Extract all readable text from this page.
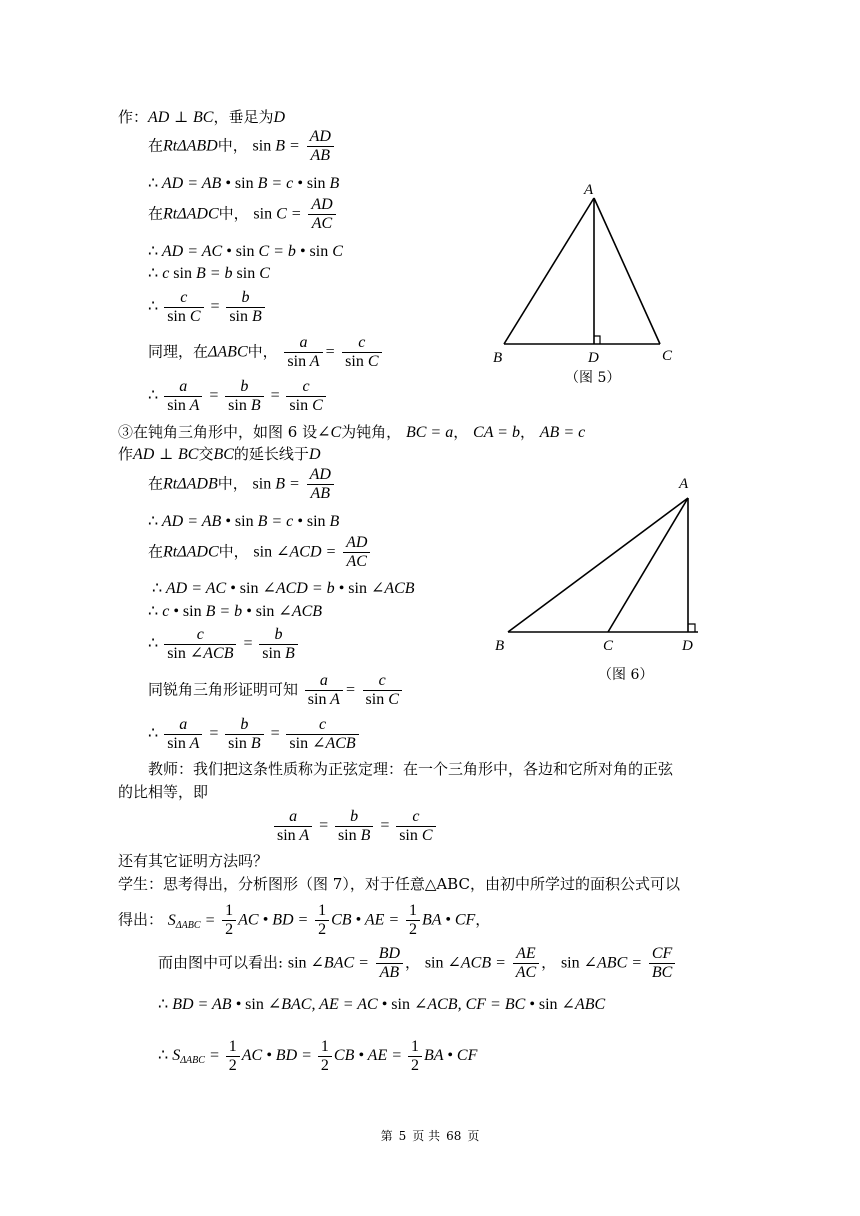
作：AD ⊥ BC，垂足为D
在RtΔABD中， $\sin B = \frac{AD}{AB}$
∴ AD = AB • sin B = c • sin B
在RtΔADC中， $\sin C = \frac{AD}{AC}$
∴ AD = AC • sin C = b • sin C
∴ c sin B = b sin C
∴ $\frac{c}{\text{sin C}} = \frac{b}{\text{sin B}}$
同理，在ΔABC中， $\frac{a}{\text{sin A}} = \frac{c}{\text{sin C}}$
∴ $\frac{a}{\text{sin A}} = \frac{b}{\text{sin B}} = \frac{c}{\text{sin C}}$
A
B	D	C
（图 5）
③在钝角三角形中，如图 6 设∠C为钝角， BC = a， CA = b， AB = c
作AD ⊥ BC交BC的延长线于D
在RtΔADB中， $\sin B = \frac{AD}{AB}$
∴ AD = AB • sin B = c • sin B
在RtΔADC中， sin ∠ACD = $\frac{AD}{AC}$
∴ AD = AC • sin ∠ACD = b • sin ∠ACB
∴ c • sin B = b • sin ∠ACB
∴ $\frac{c}{\text{sin ∠ACB}} = \frac{b}{\text{sin B}}$
同锐角三角形证明可知 $\frac{a}{\text{sin A}} = \frac{c}{\text{sin C}}$
∴ $\frac{a}{\text{sin A}} = \frac{b}{\text{sin B}} = \frac{c}{\text{sin ∠ACB}}$
A
B	C	D
（图 6）
教师：我们把这条性质称为正弦定理：在一个三角形中，各边和它所对角的正弦
的比相等，即
$\frac{a}{\text{sin A}} = \frac{b}{\text{sin B}} = \frac{c}{\text{sin C}}$
还有其它证明方法吗？
学生：思考得出，分析图形（图 7），对于任意△ABC，由初中所学过的面积公式可以
得出： $S_{\Delta ABC} = \frac{1}{2}$ AC • BD = $\frac{1}{2}$ CB • AE = $\frac{1}{2}$ BA • CF，
而由图中可以看出: sin ∠BAC = $\frac{BD}{AB}$ ， sin ∠ACB = $\frac{AE}{AC}$ ， sin ∠ABC = $\frac{CF}{BC}$
∴ BD = AB • sin ∠BAC, AE = AC • sin ∠ACB, CF = BC • sin ∠ABC
∴ $S_{\Delta ABC} = \frac{1}{2}$ AC • BD = $\frac{1}{2}$ CB • AE = $\frac{1}{2}$ BA • CF
第 5 页 共 68 页
